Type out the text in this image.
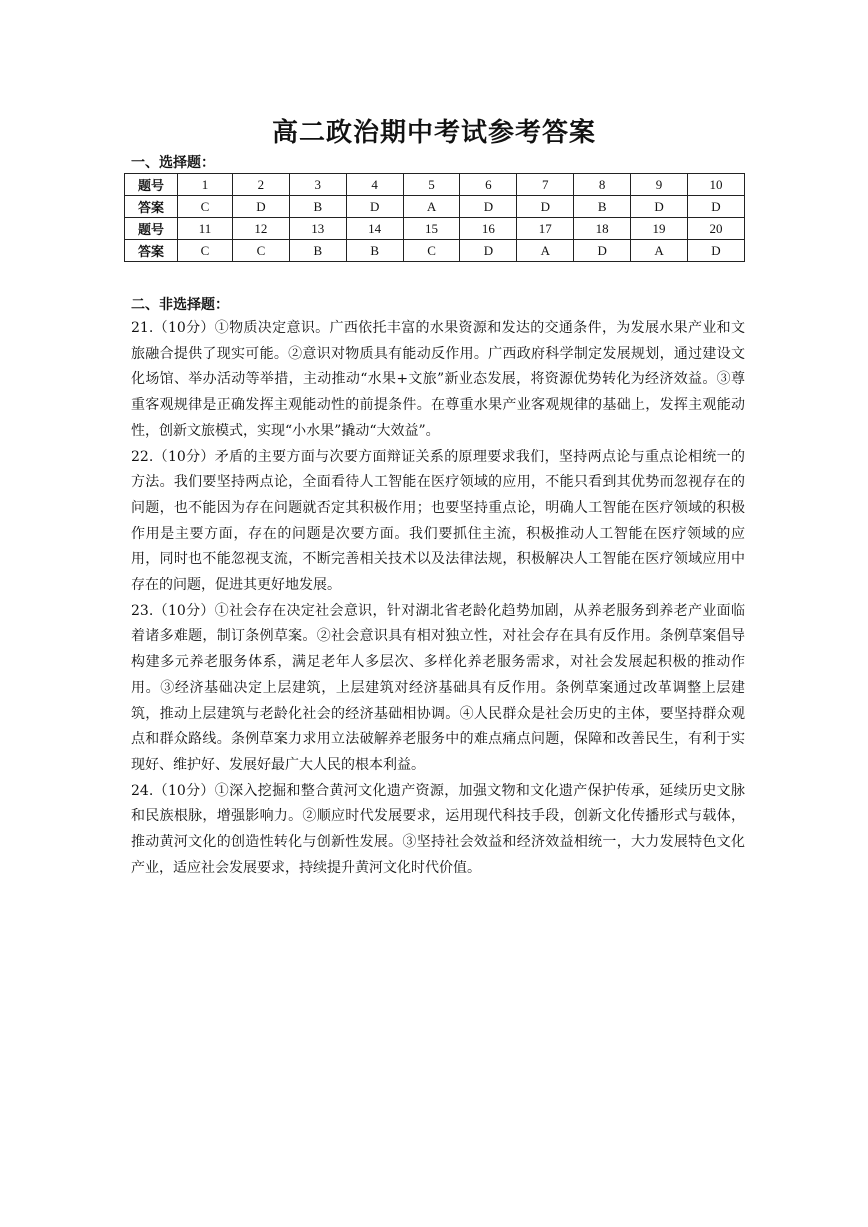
高二政治期中考试参考答案
一、选择题：
题号	1	2	3	4	5	6	7	8	9	10
答案	C	D	B	D	A	D	D	B	D	D
题号	11	12	13	14	15	16	17	18	19	20
答案	C	C	B	B	C	D	A	D	A	D
二、非选择题：

21.（10分）①物质决定意识。广西依托丰富的水果资源和发达的交通条件，为发展水果产业和文旅融合提供了现实可能。②意识对物质具有能动反作用。广西政府科学制定发展规划，通过建设文化场馆、举办活动等举措，主动推动“水果+文旅”新业态发展，将资源优势转化为经济效益。③尊重客观规律是正确发挥主观能动性的前提条件。在尊重水果产业客观规律的基础上，发挥主观能动性，创新文旅模式，实现“小水果”撬动“大效益”。

22.（10分）矛盾的主要方面与次要方面辩证关系的原理要求我们，坚持两点论与重点论相统一的方法。我们要坚持两点论，全面看待人工智能在医疗领域的应用，不能只看到其优势而忽视存在的问题，也不能因为存在问题就否定其积极作用；也要坚持重点论，明确人工智能在医疗领域的积极作用是主要方面，存在的问题是次要方面。我们要抓住主流，积极推动人工智能在医疗领域的应用，同时也不能忽视支流，不断完善相关技术以及法律法规，积极解决人工智能在医疗领域应用中存在的问题，促进其更好地发展。

23.（10分）①社会存在决定社会意识，针对湖北省老龄化趋势加剧，从养老服务到养老产业面临着诸多难题，制订条例草案。②社会意识具有相对独立性，对社会存在具有反作用。条例草案倡导构建多元养老服务体系，满足老年人多层次、多样化养老服务需求，对社会发展起积极的推动作用。③经济基础决定上层建筑，上层建筑对经济基础具有反作用。条例草案通过改革调整上层建筑，推动上层建筑与老龄化社会的经济基础相协调。④人民群众是社会历史的主体，要坚持群众观点和群众路线。条例草案力求用立法破解养老服务中的难点痛点问题，保障和改善民生，有利于实现好、维护好、发展好最广大人民的根本利益。

24.（10分）①深入挖掘和整合黄河文化遗产资源，加强文物和文化遗产保护传承，延续历史文脉和民族根脉，增强影响力。②顺应时代发展要求，运用现代科技手段，创新文化传播形式与载体，推动黄河文化的创造性转化与创新性发展。③坚持社会效益和经济效益相统一，大力发展特色文化产业，适应社会发展要求，持续提升黄河文化时代价值。
